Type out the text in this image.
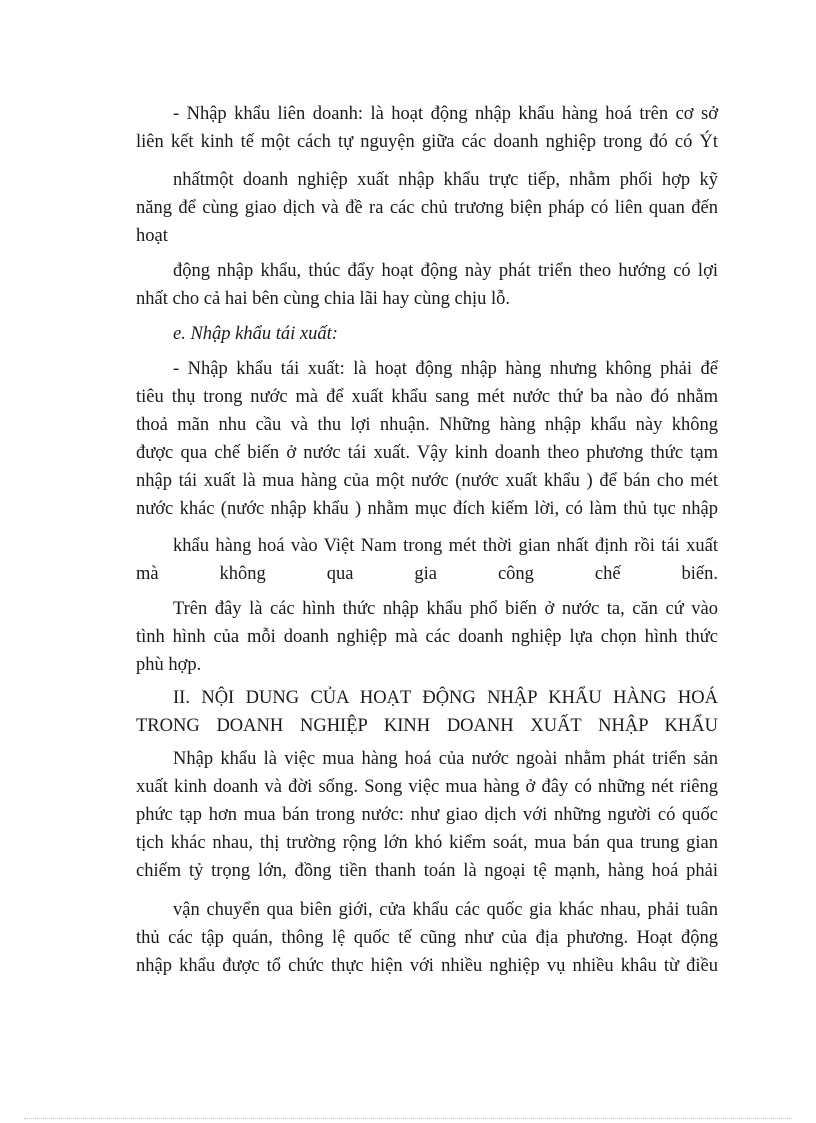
- Nhập khẩu liên doanh: là hoạt động nhập khẩu hàng hoá trên cơ sở
liên kết kinh tế một cách tự nguyện giữa các doanh nghiệp trong đó có Ýt
nhấtmột doanh nghiệp xuất nhập khẩu trực tiếp, nhằm phối hợp kỹ
năng để cùng giao dịch và đề ra các chủ trương biện pháp có liên quan đến
hoạt
động nhập khẩu, thúc đẩy hoạt động này phát triển theo hướng có lợi
nhất cho cả hai bên cùng chia lãi hay cùng chịu lỗ.
e. Nhập khẩu tái xuất:
- Nhập khẩu tái xuất: là hoạt động nhập hàng nhưng không phải để
tiêu thụ trong nước mà để xuất khẩu sang mét nước thứ ba nào đó nhằm
thoả mãn nhu cầu và thu lợi nhuận. Những hàng nhập khẩu này không
được qua chế biến ở nước tái xuất. Vậy kinh doanh theo phương thức tạm
nhập tái xuất là mua hàng của một nước (nước xuất khẩu ) để bán cho mét
nước khác (nước nhập khẩu ) nhằm mục đích kiếm lời, có làm thủ tục nhập
khẩu hàng hoá vào Việt Nam trong mét thời gian nhất định rồi tái xuất
mà không qua gia công chế biến.
Trên đây là các hình thức nhập khẩu phổ biến ở nước ta, căn cứ vào
tình hình của mỗi doanh nghiệp mà các doanh nghiệp lựa chọn hình thức
phù hợp.
II. NỘI DUNG CỦA HOẠT ĐỘNG NHẬP KHẨU HÀNG HOÁ
TRONG DOANH NGHIỆP KINH DOANH XUẤT NHẬP KHẨU
Nhập khẩu là việc mua hàng hoá của nước ngoài nhằm phát triển sản
xuất kinh doanh và đời sống. Song việc mua hàng ở đây có những nét riêng
phức tạp hơn mua bán trong nước: như giao dịch với những người có quốc
tịch khác nhau, thị trường rộng lớn khó kiểm soát, mua bán qua trung gian
chiếm tỷ trọng lớn, đồng tiền thanh toán là ngoại tệ mạnh, hàng hoá phải
vận chuyển qua biên giới, cửa khẩu các quốc gia khác nhau, phải tuân
thủ các tập quán, thông lệ quốc tế cũng như của địa phương. Hoạt động
nhập khẩu được tổ chức thực hiện với nhiều nghiệp vụ nhiều khâu từ điều
